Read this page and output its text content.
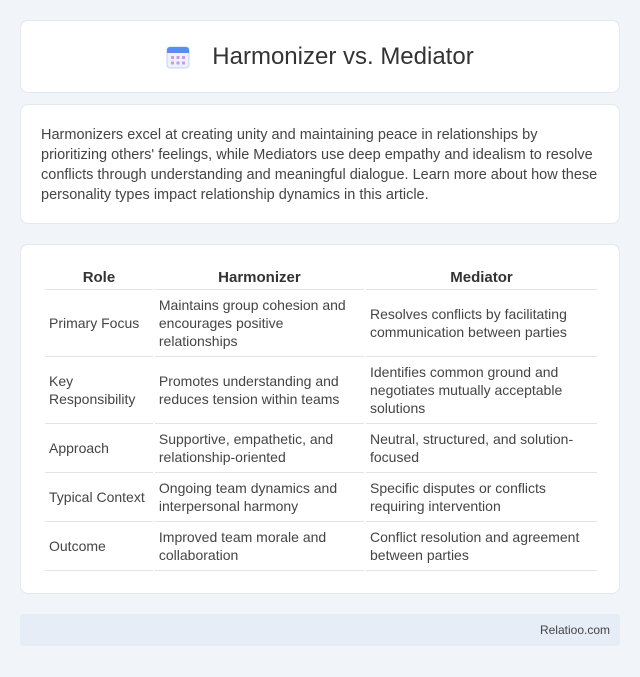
Harmonizer vs. Mediator

Harmonizers excel at creating unity and maintaining peace in relationships by prioritizing others' feelings, while Mediators use deep empathy and idealism to resolve conflicts through understanding and meaningful dialogue. Learn more about how these personality types impact relationship dynamics in this article.

Role	Harmonizer	Mediator
Primary Focus	Maintains group cohesion and encourages positive relationships	Resolves conflicts by facilitating communication between parties
Key Responsibility	Promotes understanding and reduces tension within teams	Identifies common ground and negotiates mutually acceptable solutions
Approach	Supportive, empathetic, and relationship-oriented	Neutral, structured, and solution-focused
Typical Context	Ongoing team dynamics and interpersonal harmony	Specific disputes or conflicts requiring intervention
Outcome	Improved team morale and collaboration	Conflict resolution and agreement between parties
Relatioo.com
